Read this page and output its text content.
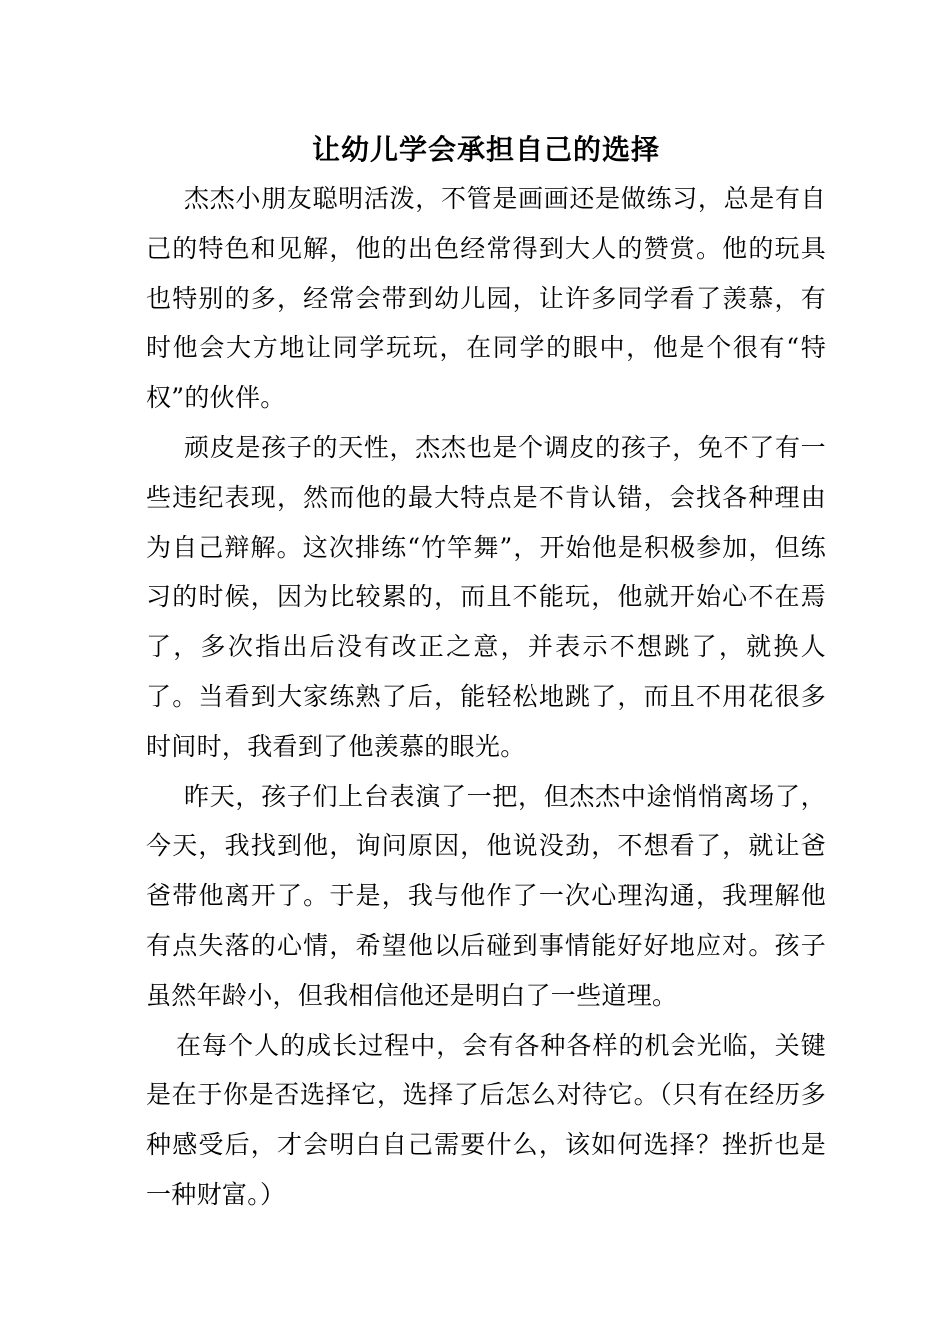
让幼儿学会承担自己的选择

杰杰小朋友聪明活泼，不管是画画还是做练习，总是有自己的特色和见解，他的出色经常得到大人的赞赏。他的玩具也特别的多，经常会带到幼儿园，让许多同学看了羡慕，有时他会大方地让同学玩玩，在同学的眼中，他是个很有“特权”的伙伴。

顽皮是孩子的天性，杰杰也是个调皮的孩子，免不了有一些违纪表现，然而他的最大特点是不肯认错，会找各种理由为自己辩解。这次排练“竹竿舞”，开始他是积极参加，但练习的时候，因为比较累的，而且不能玩，他就开始心不在焉了，多次指出后没有改正之意，并表示不想跳了，就换人了。当看到大家练熟了后，能轻松地跳了，而且不用花很多时间时，我看到了他羡慕的眼光。

昨天，孩子们上台表演了一把，但杰杰中途悄悄离场了，今天，我找到他，询问原因，他说没劲，不想看了，就让爸爸带他离开了。于是，我与他作了一次心理沟通，我理解他有点失落的心情，希望他以后碰到事情能好好地应对。孩子虽然年龄小，但我相信他还是明白了一些道理。

在每个人的成长过程中，会有各种各样的机会光临，关键是在于你是否选择它，选择了后怎么对待它。（只有在经历多种感受后，才会明白自己需要什么，该如何选择？挫折也是一种财富。）
